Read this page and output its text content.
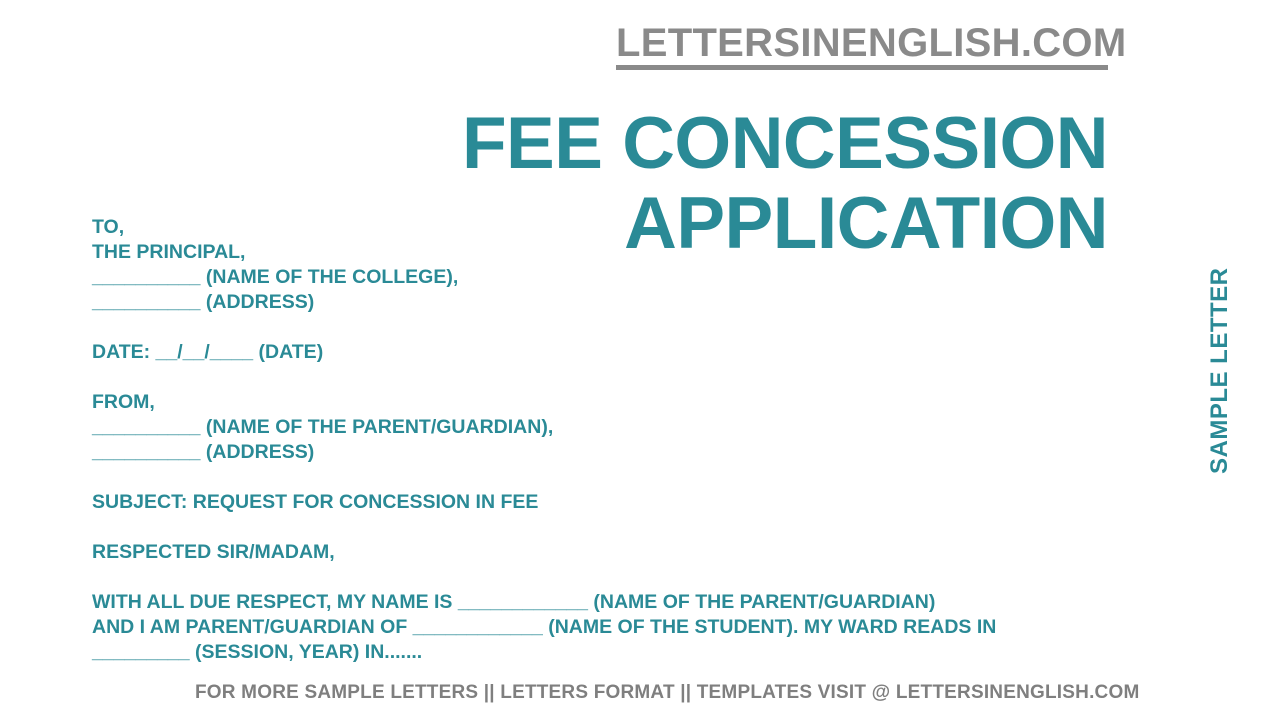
LETTERSINENGLISH.COM
FEE CONCESSION
APPLICATION
SAMPLE LETTER
TO,
THE PRINCIPAL,
__________ (NAME OF THE COLLEGE),
__________ (ADDRESS)
DATE: __/__/____ (DATE)
FROM,
__________ (NAME OF THE PARENT/GUARDIAN),
__________ (ADDRESS)
SUBJECT: REQUEST FOR CONCESSION IN FEE
RESPECTED SIR/MADAM,
WITH ALL DUE RESPECT, MY NAME IS ____________ (NAME OF THE PARENT/GUARDIAN)
AND I AM PARENT/GUARDIAN OF ____________ (NAME OF THE STUDENT). MY WARD READS IN
_________ (SESSION, YEAR) IN.......
FOR MORE SAMPLE LETTERS || LETTERS FORMAT || TEMPLATES VISIT @ LETTERSINENGLISH.COM
